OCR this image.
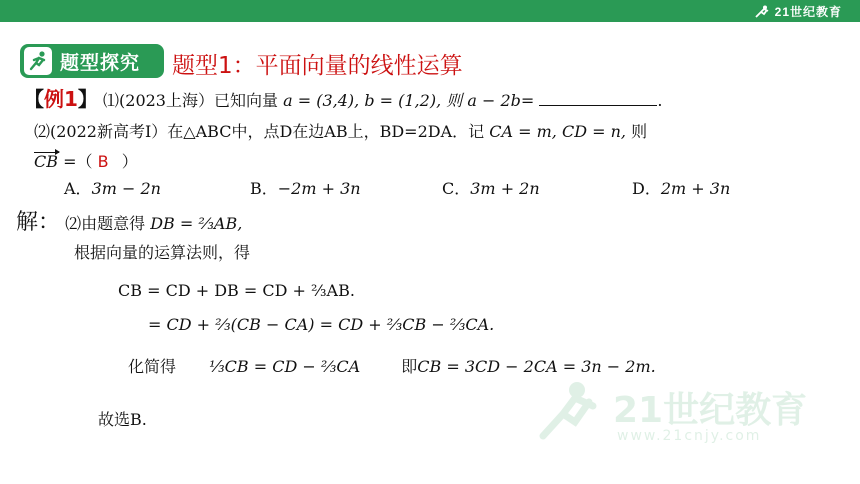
21世纪教育
题型探究 题型1：平面向量的线性运算
【例1】 ⑴(2023上海）已知向量 a = (3,4), b = (1,2), 则 a − 2b=	.
⑵(2022新高考Ⅰ）在△ABC中，点D在边AB上，BD=2DA．记 CA = m, CD = n, 则
CB =（ B ）
A．3m − 2n	B．−2m + 3n	C．3m + 2n	D．2m + 3n
解： ⑵由题意得 DB = ⅔AB,
根据向量的运算法则，得
CB = CD + DB = CD + ⅔AB.
= CD + ⅔(CB − CA) = CD + ⅔CB − ⅔CA.
化简得 ⅓CB = CD − ⅔CA	即CB = 3CD − 2CA = 3n − 2m.
故选B.	21世纪教育
www.21cnjy.com
